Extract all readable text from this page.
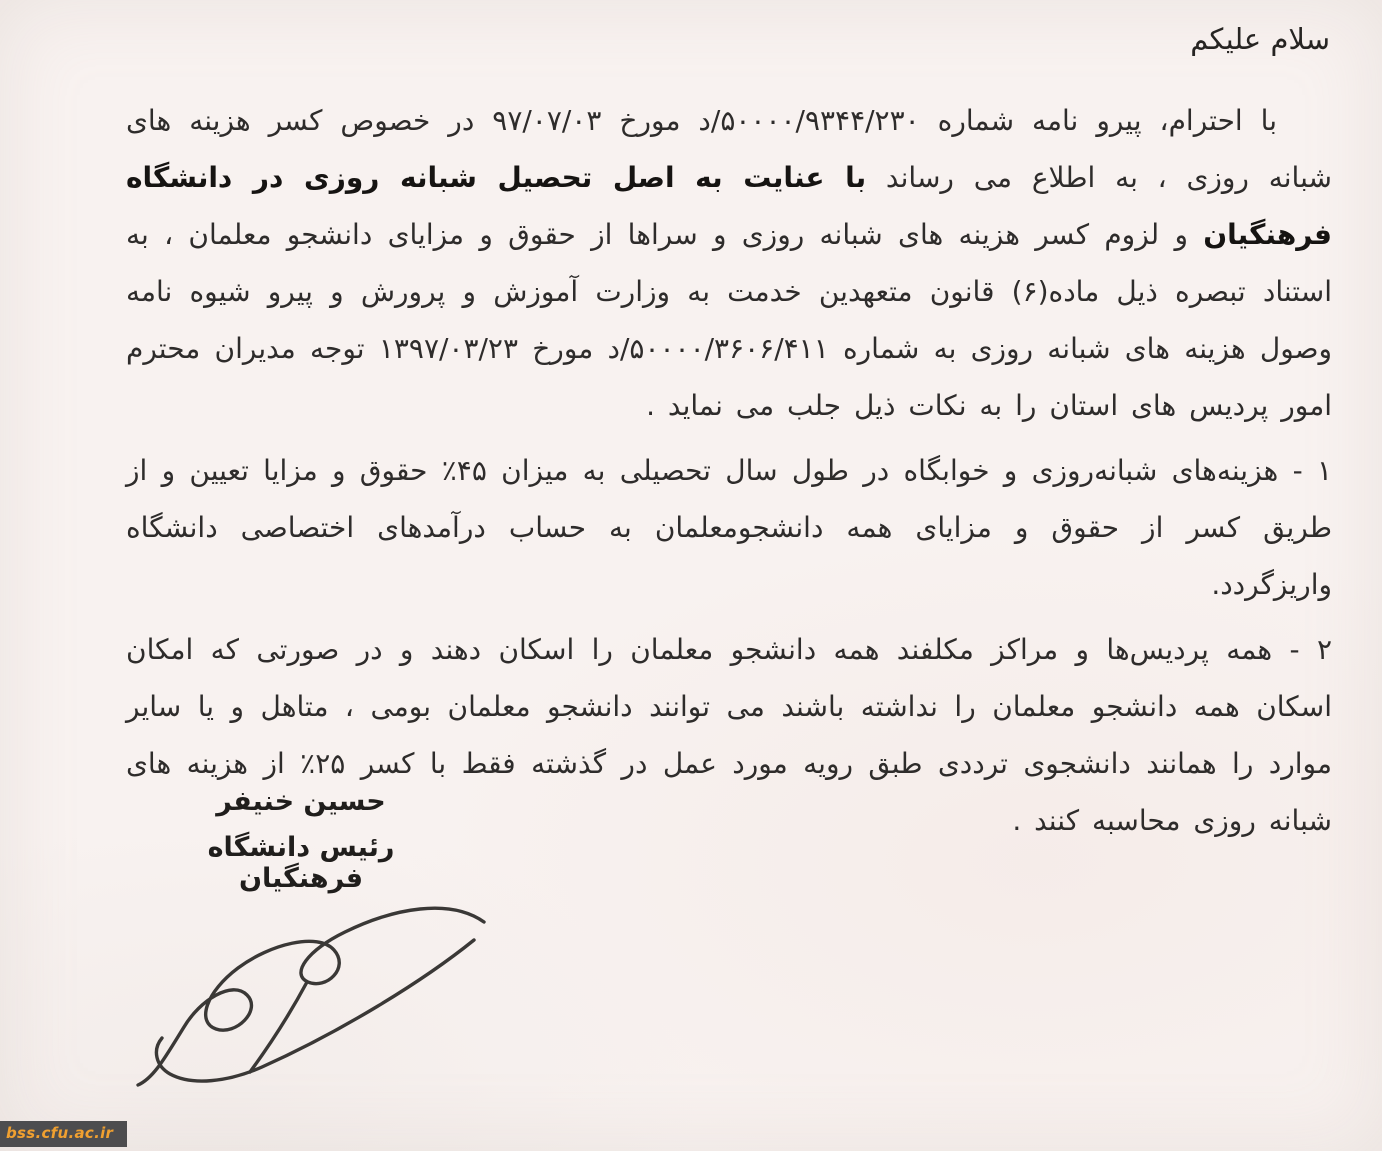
سلام علیکم

با احترام، پیرو نامه شماره ۵۰۰۰۰/۹۳۴۴/۲۳۰/د مورخ ۹۷/۰۷/۰۳ در خصوص کسر هزینه های شبانه روزی ، به اطلاع می رساند با عنایت به اصل تحصیل شبانه روزی در دانشگاه فرهنگیان و لزوم کسر هزینه های شبانه روزی و سراها از حقوق و مزایای دانشجو معلمان ، به استناد تبصره ذیل ماده(۶) قانون متعهدین خدمت به وزارت آموزش و پرورش و پیرو شیوه نامه وصول هزینه های شبانه روزی به شماره ۵۰۰۰۰/۳۶۰۶/۴۱۱/د مورخ ۱۳۹۷/۰۳/۲۳ توجه مدیران محترم امور پردیس های استان را به نکات ذیل جلب می نماید .

۱ - هزینه‌های شبانه‌روزی و خوابگاه در طول سال تحصیلی به میزان ۴۵٪ حقوق و مزایا تعیین و از طریق کسر از حقوق و مزایای همه دانشجومعلمان به حساب درآمدهای اختصاصی دانشگاه واریزگردد.

۲ - همه پردیس‌ها و مراکز مکلفند همه دانشجو معلمان را اسکان دهند و در صورتی که امکان اسکان همه دانشجو معلمان را نداشته باشند می توانند دانشجو معلمان بومی ، متاهل و یا سایر موارد را همانند دانشجوی ترددی طبق رویه مورد عمل در گذشته فقط با کسر ۲۵٪ از هزینه های شبانه روزی محاسبه کنند .

حسین خنیفر
رئیس دانشگاه فرهنگیان
bss.cfu.ac.ir
